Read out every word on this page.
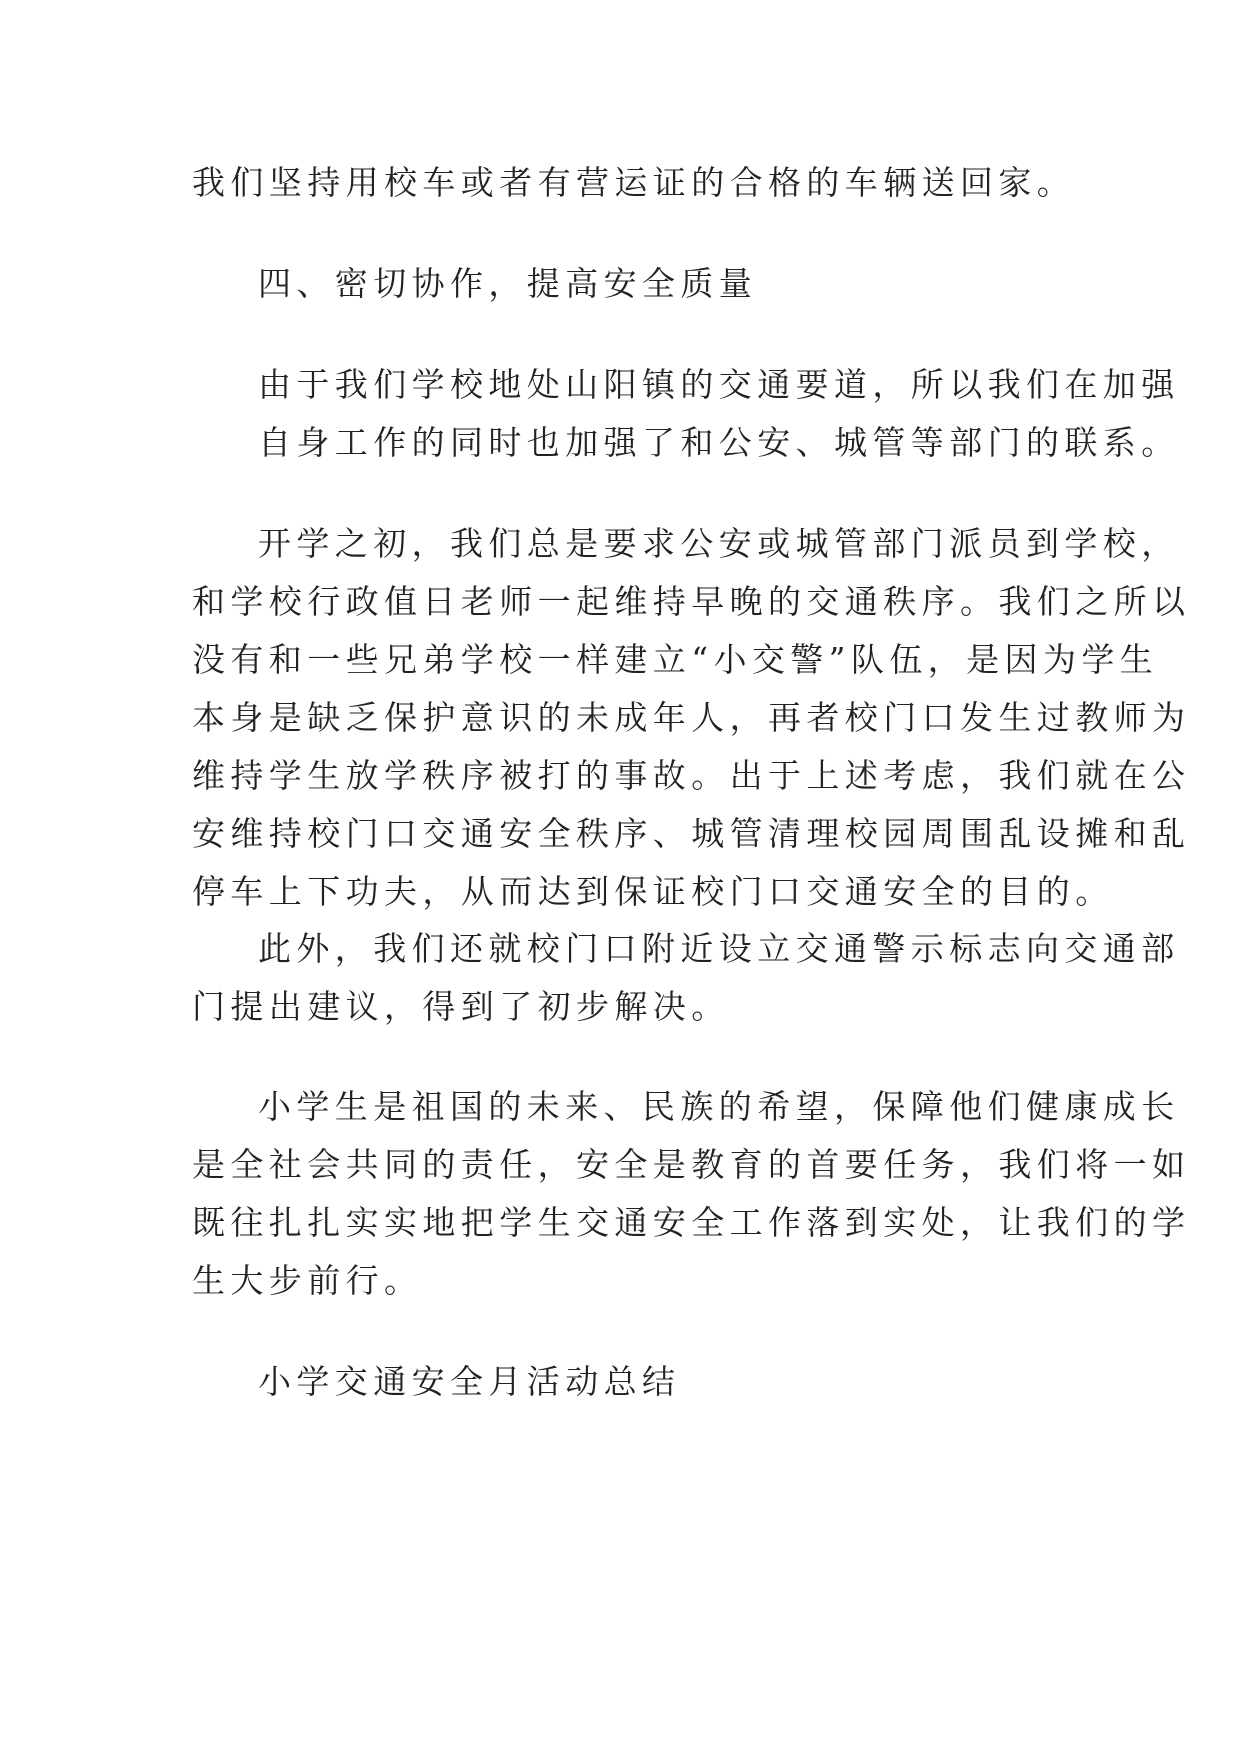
我们坚持用校车或者有营运证的合格的车辆送回家。

四、密切协作，提高安全质量

由于我们学校地处山阳镇的交通要道，所以我们在加强
自身工作的同时也加强了和公安、城管等部门的联系。

开学之初，我们总是要求公安或城管部门派员到学校，
和学校行政值日老师一起维持早晚的交通秩序。我们之所以
没有和一些兄弟学校一样建立“小交警”队伍，是因为学生
本身是缺乏保护意识的未成年人，再者校门口发生过教师为
维持学生放学秩序被打的事故。出于上述考虑，我们就在公
安维持校门口交通安全秩序、城管清理校园周围乱设摊和乱
停车上下功夫，从而达到保证校门口交通安全的目的。

此外，我们还就校门口附近设立交通警示标志向交通部
门提出建议，得到了初步解决。

小学生是祖国的未来、民族的希望，保障他们健康成长
是全社会共同的责任，安全是教育的首要任务，我们将一如
既往扎扎实实地把学生交通安全工作落到实处，让我们的学
生大步前行。

小学交通安全月活动总结
